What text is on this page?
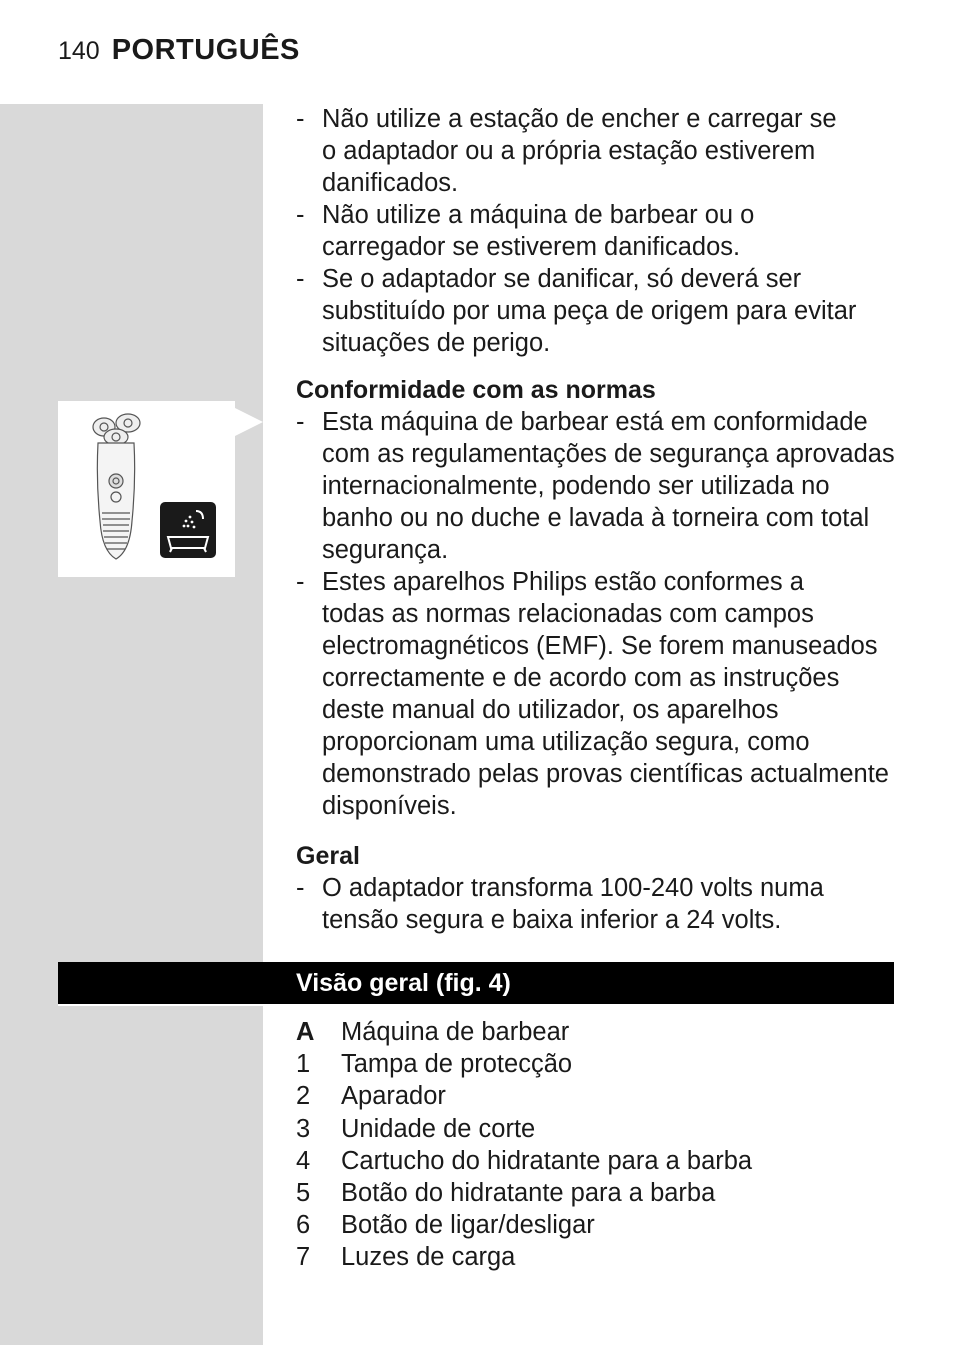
140 PORTUGUÊS
- Não utilize a estação de encher e carregar se
o adaptador ou a própria estação estiverem
danificados.
- Não utilize a máquina de barbear ou o
carregador se estiverem danificados.
- Se o adaptador se danificar, só deverá ser
substituído por uma peça de origem para evitar
situações de perigo.
Conformidade com as normas
- Esta máquina de barbear está em conformidade
com as regulamentações de segurança aprovadas
internacionalmente, podendo ser utilizada no
banho ou no duche e lavada à torneira com total
segurança.
- Estes aparelhos Philips estão conformes a
todas as normas relacionadas com campos
electromagnéticos (EMF). Se forem manuseados
correctamente e de acordo com as instruções
deste manual do utilizador, os aparelhos
proporcionam uma utilização segura, como
demonstrado pelas provas científicas actualmente
disponíveis.
Geral
- O adaptador transforma 100-240 volts numa
tensão segura e baixa inferior a 24 volts.
Visão geral (fig. 4)
A Máquina de barbear
1 Tampa de protecção
2 Aparador
3 Unidade de corte
4 Cartucho do hidratante para a barba
5 Botão do hidratante para a barba
6 Botão de ligar/desligar
7 Luzes de carga
